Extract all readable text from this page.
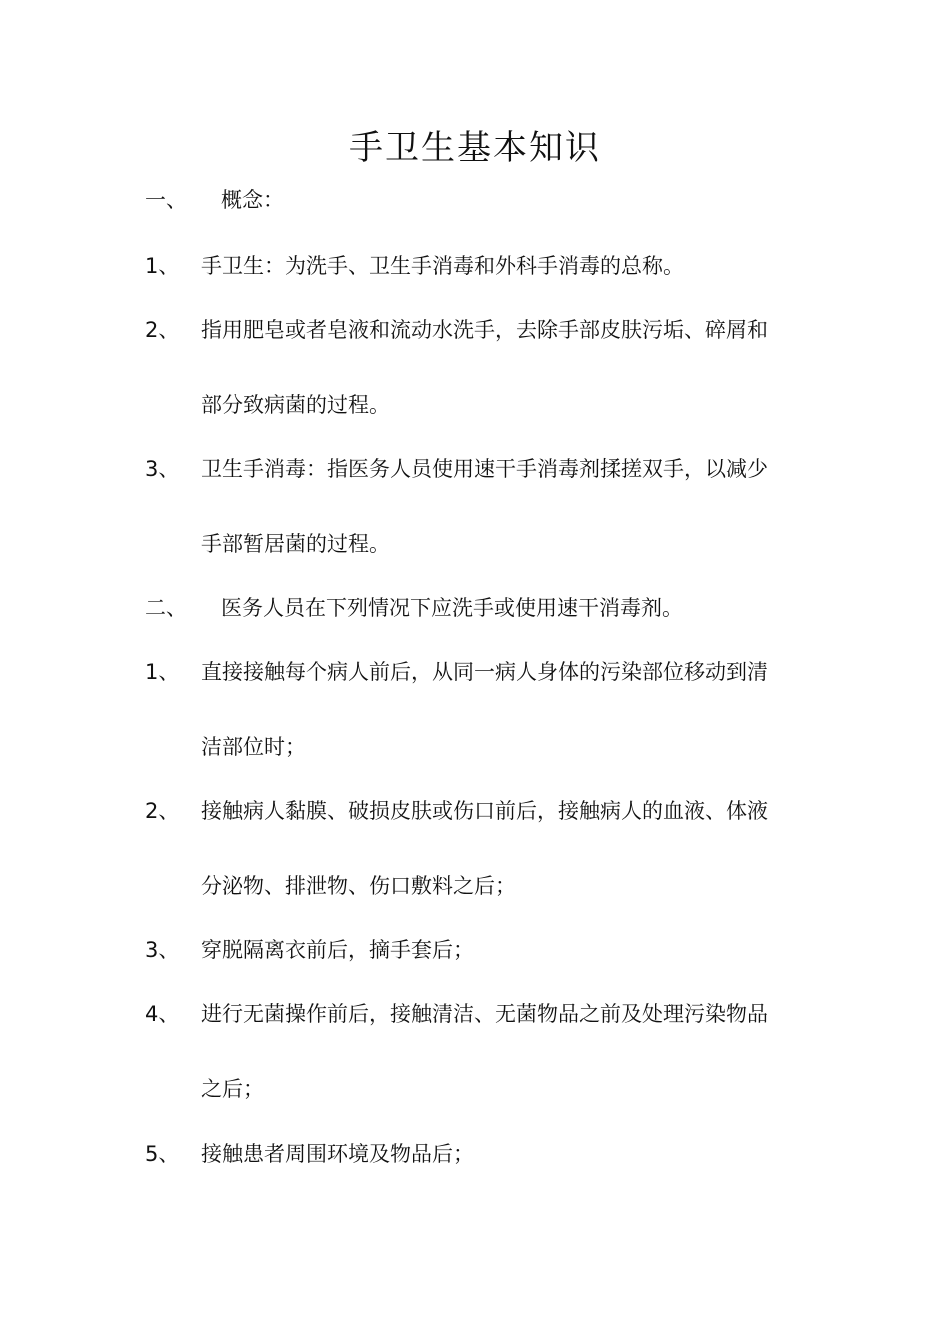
手卫生基本知识
一、 概念：
1、 手卫生：为洗手、卫生手消毒和外科手消毒的总称。
2、 指用肥皂或者皂液和流动水洗手，去除手部皮肤污垢、碎屑和
部分致病菌的过程。
3、 卫生手消毒：指医务人员使用速干手消毒剂揉搓双手，以减少
手部暂居菌的过程。
二、 医务人员在下列情况下应洗手或使用速干消毒剂。
1、 直接接触每个病人前后，从同一病人身体的污染部位移动到清
洁部位时；
2、 接触病人黏膜、破损皮肤或伤口前后，接触病人的血液、体液
分泌物、排泄物、伤口敷料之后；
3、 穿脱隔离衣前后，摘手套后；
4、 进行无菌操作前后，接触清洁、无菌物品之前及处理污染物品
之后；
5、 接触患者周围环境及物品后；
